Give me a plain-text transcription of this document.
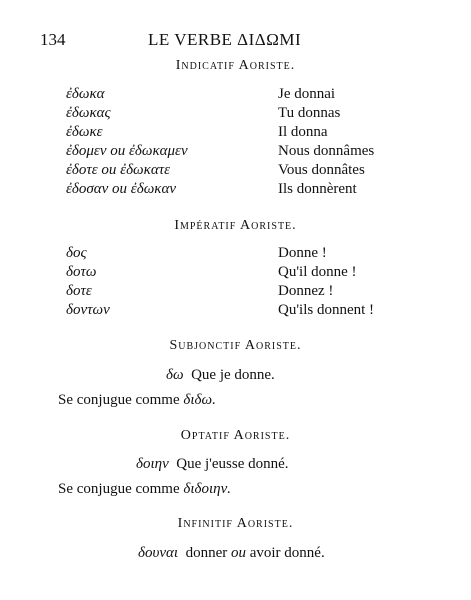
134	LE VERBE ΔΙΔΩΜΙ
Indicatif Aoriste.
ἐδωκα	Je donnai
ἐδωκας	Tu donnas
ἐδωκε	Il donna
ἐδομεν ou ἐδωκαμεν	Nous donnâmes
ἐδοτε ou ἐδωκατε	Vous donnâtes
ἐδοσαν ou ἐδωκαν	Ils donnèrent
Impératif Aoriste.
δος	Donne !
δοτω	Qu'il donne !
δοτε	Donnez !
δοντων	Qu'ils donnent !
Subjonctif Aoriste.
δω Que je donne.
Se conjugue comme διδω.
Optatif Aoriste.
δοιην Que j'eusse donné.
Se conjugue comme διδοιην.
Infinitif Aoriste.
δουναι donner ou avoir donné.
